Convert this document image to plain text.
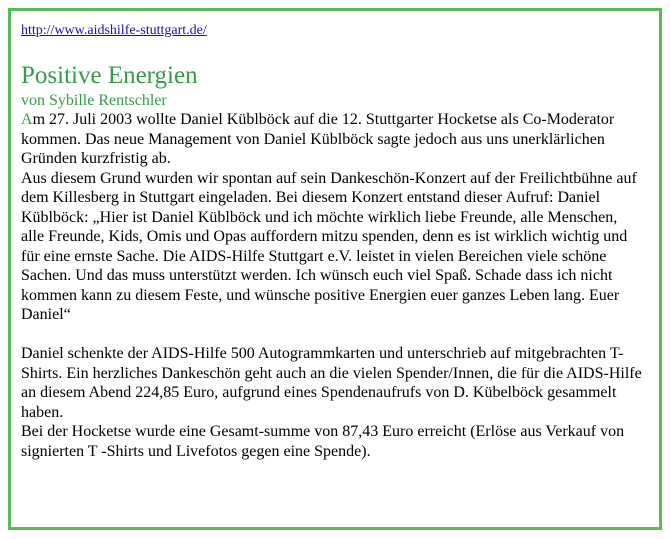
http://www.aidshilfe-stuttgart.de/
Positive Energien
von Sybille Rentschler

Am 27. Juli 2003 wollte Daniel Küblböck auf die 12. Stuttgarter Hocketse als Co-Moderator kommen. Das neue Management von Daniel Küblböck sagte jedoch aus uns unerklärlichen Gründen kurzfristig ab.

Aus diesem Grund wurden wir spontan auf sein Dankeschön-Konzert auf der Freilichtbühne auf dem Killesberg in Stuttgart eingeladen. Bei diesem Konzert entstand dieser Aufruf: Daniel Küblböck: „Hier ist Daniel Küblböck und ich möchte wirklich liebe Freunde, alle Menschen, alle Freunde, Kids, Omis und Opas auffordern mitzu spenden, denn es ist wirklich wichtig und für eine ernste Sache. Die AIDS-Hilfe Stuttgart e.V. leistet in vielen Bereichen viele schöne Sachen. Und das muss unterstützt werden. Ich wünsch euch viel Spaß. Schade dass ich nicht kommen kann zu diesem Feste, und wünsche positive Energien euer ganzes Leben lang. Euer Daniel“

Daniel schenkte der AIDS-Hilfe 500 Autogrammkarten und unterschrieb auf mitgebrachten T-Shirts. Ein herzliches Dankeschön geht auch an die vielen Spender/Innen, die für die AIDS-Hilfe an diesem Abend 224,85 Euro, aufgrund eines Spendenaufrufs von D. Kübelböck gesammelt haben.

Bei der Hocketse wurde eine Gesamt-summe von 87,43 Euro erreicht (Erlöse aus Verkauf von signierten T -Shirts und Livefotos gegen eine Spende).
